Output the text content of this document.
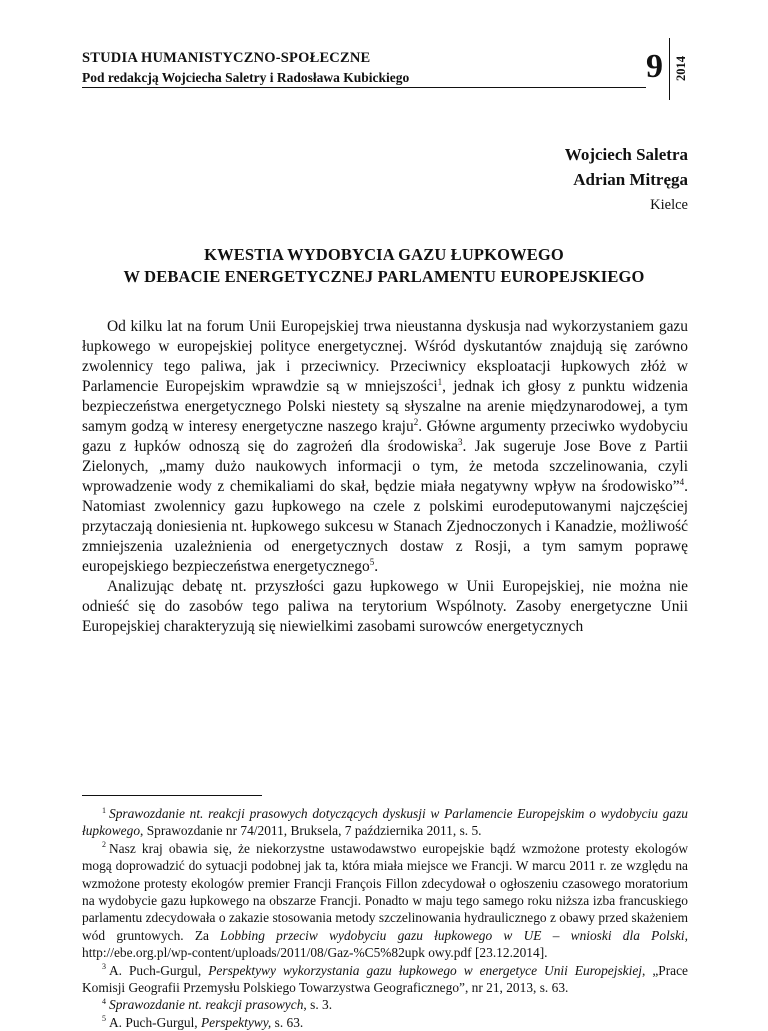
STUDIA HUMANISTYCZNO-SPOŁECZNE
Pod redakcją Wojciecha Saletry i Radosława Kubickiego	9 2014
Wojciech Saletra
Adrian Mitręga
Kielce
KWESTIA WYDOBYCIA GAZU ŁUPKOWEGO
W DEBACIE ENERGETYCZNEJ PARLAMENTU EUROPEJSKIEGO

Od kilku lat na forum Unii Europejskiej trwa nieustanna dyskusja nad wykorzystaniem gazu łupkowego w europejskiej polityce energetycznej. Wśród dyskutantów znajdują się zarówno zwolennicy tego paliwa, jak i przeciwnicy. Przeciwnicy eksploatacji łupkowych złóż w Parlamencie Europejskim wprawdzie są w mniejszości$^1$, jednak ich głosy z punktu widzenia bezpieczeństwa energetycznego Polski niestety są słyszalne na arenie międzynarodowej, a tym samym godzą w interesy energetyczne naszego kraju$^2$. Główne argumenty przeciwko wydobyciu gazu z łupków odnoszą się do zagrożeń dla środowiska$^3$. Jak sugeruje Jose Bove z Partii Zielonych, „mamy dużo naukowych informacji o tym, że metoda szczelinowania, czyli wprowadzenie wody z chemikaliami do skał, będzie miała negatywny wpływ na środowisko”$^4$. Natomiast zwolennicy gazu łupkowego na czele z polskimi eurodeputowanymi najczęściej przytaczają doniesienia nt. łupkowego sukcesu w Stanach Zjednoczonych i Kanadzie, możliwość zmniejszenia uzależnienia od energetycznych dostaw z Rosji, a tym samym poprawę europejskiego bezpieczeństwa energetycznego$^5$.

Analizując debatę nt. przyszłości gazu łupkowego w Unii Europejskiej, nie można nie odnieść się do zasobów tego paliwa na terytorium Wspólnoty. Zasoby energetyczne Unii Europejskiej charakteryzują się niewielkimi zasobami surowców energetycznych

$^1$ Sprawozdanie nt. reakcji prasowych dotyczących dyskusji w Parlamencie Europejskim o wydobyciu gazu łupkowego, Sprawozdanie nr 74/2011, Bruksela, 7 października 2011, s. 5.

$^2$ Nasz kraj obawia się, że niekorzystne ustawodawstwo europejskie bądź wzmożone protesty ekologów mogą doprowadzić do sytuacji podobnej jak ta, która miała miejsce we Francji. W marcu 2011 r. ze względu na wzmożone protesty ekologów premier Francji François Fillon zdecydował o ogłoszeniu czasowego moratorium na wydobycie gazu łupkowego na obszarze Francji. Ponadto w maju tego samego roku niższa izba francuskiego parlamentu zdecydowała o zakazie stosowania metody szczelinowania hydraulicznego z obawy przed skażeniem wód gruntowych. Za Lobbing przeciw wydobyciu gazu łupkowego w UE – wnioski dla Polski, http://ebe.org.pl/wp-content/uploads/2011/08/Gaz-%C5%82upk owy.pdf [23.12.2014].

$^3$ A. Puch-Gurgul, Perspektywy wykorzystania gazu łupkowego w energetyce Unii Europejskiej, „Prace Komisji Geografii Przemysłu Polskiego Towarzystwa Geograficznego”, nr 21, 2013, s. 63.

$^4$ Sprawozdanie nt. reakcji prasowych, s. 3.

$^5$ A. Puch-Gurgul, Perspektywy, s. 63.
